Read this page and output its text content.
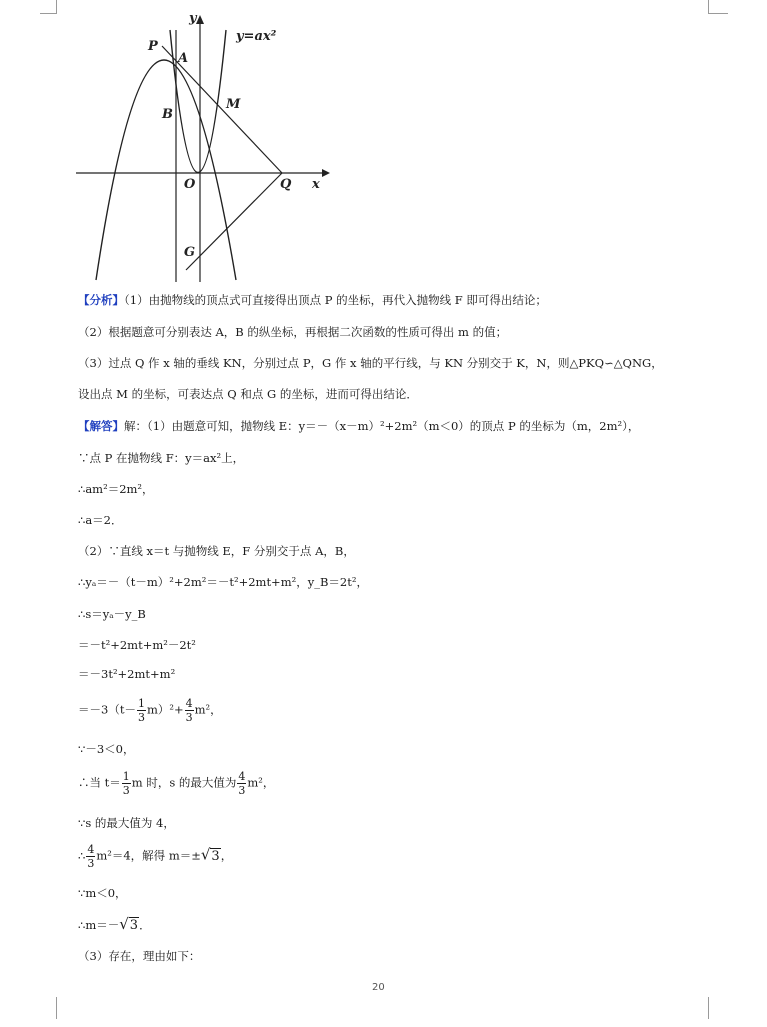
y=ax²
y
P
A
B
M
O	Q x
G
【分析】（1）由抛物线的顶点式可直接得出顶点 P 的坐标，再代入抛物线 F 即可得出结论；
（2）根据题意可分别表达 A，B 的纵坐标，再根据二次函数的性质可得出 m 的值；
（3）过点 Q 作 x 轴的垂线 KN，分别过点 P，G 作 x 轴的平行线，与 KN 分别交于 K，N，则△PKQ∽△QNG，
设出点 M 的坐标，可表达点 Q 和点 G 的坐标，进而可得出结论．
【解答】解：（1）由题意可知，抛物线 E：y＝－（x－m）²+2m²（m＜0）的顶点 P 的坐标为（m，2m²），
∵点 P 在抛物线 F：y＝ax²上，
∴am²＝2m²，
∴a＝2．
（2）∵直线 x＝t 与抛物线 E，F 分别交于点 A，B，
∴yₐ＝－（t－m）²+2m²＝－t²+2mt+m²，y_B＝2t²，
∴s＝yₐ－y_B
＝－t²+2mt+m²－2t²
＝－3t²+2mt+m²
$=-3(t- \frac{1}{3} m)^2+ \frac{4}{3} m^2$，
∵－3＜0，
∴当 $t= \frac{1}{3}$ m 时，s 的最大值为 $\frac{4}{3} m^2$，
∵s 的最大值为 4，
∴ $\frac{4}{3} m^2=4$，解得 m＝±√3，
∵m＜0，
∴m＝－√3．
（3）存在，理由如下：
20
